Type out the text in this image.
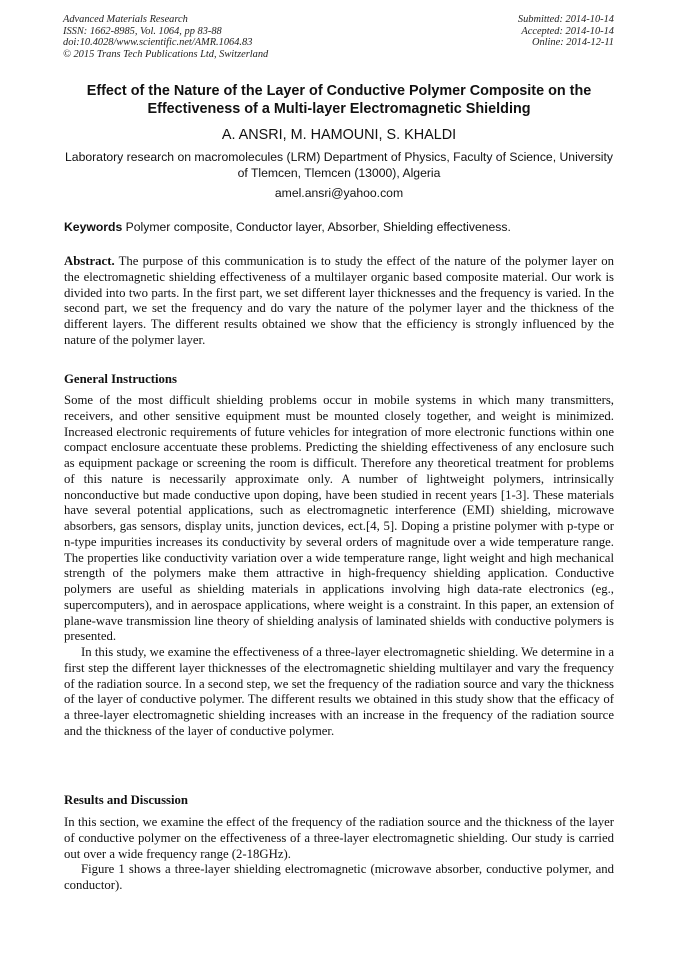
Advanced Materials Research
ISSN: 1662-8985, Vol. 1064, pp 83-88
doi:10.4028/www.scientific.net/AMR.1064.83
© 2015 Trans Tech Publications Ltd, Switzerland
Submitted: 2014-10-14
Accepted: 2014-10-14
Online: 2014-12-11
Effect of the Nature of the Layer of Conductive Polymer Composite on the Effectiveness of a Multi-layer Electromagnetic Shielding
A. ANSRI, M. HAMOUNI, S. KHALDI
Laboratory research on macromolecules (LRM) Department of Physics, Faculty of Science, University of Tlemcen, Tlemcen (13000), Algeria
amel.ansri@yahoo.com
Keywords Polymer composite, Conductor layer, Absorber, Shielding effectiveness.
Abstract. The purpose of this communication is to study the effect of the nature of the polymer layer on the electromagnetic shielding effectiveness of a multilayer organic based composite material. Our work is divided into two parts. In the first part, we set different layer thicknesses and the frequency is varied. In the second part, we set the frequency and do vary the nature of the polymer layer and the thickness of the different layers. The different results obtained we show that the efficiency is strongly influenced by the nature of the polymer layer.
General Instructions

Some of the most difficult shielding problems occur in mobile systems in which many transmitters, receivers, and other sensitive equipment must be mounted closely together, and weight is minimized. Increased electronic requirements of future vehicles for integration of more electronic functions within one compact enclosure accentuate these problems. Predicting the shielding effectiveness of any enclosure such as equipment package or screening the room is difficult. Therefore any theoretical treatment for problems of this nature is necessarily approximate only. A number of lightweight polymers, intrinsically nonconductive but made conductive upon doping, have been studied in recent years [1-3]. These materials have several potential applications, such as electromagnetic interference (EMI) shielding, microwave absorbers, gas sensors, display units, junction devices, ect.[4, 5]. Doping a pristine polymer with p-type or n-type impurities increases its conductivity by several orders of magnitude over a wide temperature range. The properties like conductivity variation over a wide temperature range, light weight and high mechanical strength of the polymers make them attractive in high-frequency shielding application. Conductive polymers are useful as shielding materials in applications involving high data-rate electronics (eg., supercomputers), and in aerospace applications, where weight is a constraint. In this paper, an extension of plane-wave transmission line theory of shielding analysis of laminated shields with conductive polymers is presented.

In this study, we examine the effectiveness of a three-layer electromagnetic shielding. We determine in a first step the different layer thicknesses of the electromagnetic shielding multilayer and vary the frequency of the radiation source. In a second step, we set the frequency of the radiation source and vary the thickness of the layer of conductive polymer. The different results we obtained in this study show that the efficacy of a three-layer electromagnetic shielding increases with an increase in the frequency of the radiation source and the thickness of the layer of conductive polymer.

Results and Discussion

In this section, we examine the effect of the frequency of the radiation source and the thickness of the layer of conductive polymer on the effectiveness of a three-layer electromagnetic shielding. Our study is carried out over a wide frequency range (2-18GHz).

Figure 1 shows a three-layer shielding electromagnetic (microwave absorber, conductive polymer, and conductor).
